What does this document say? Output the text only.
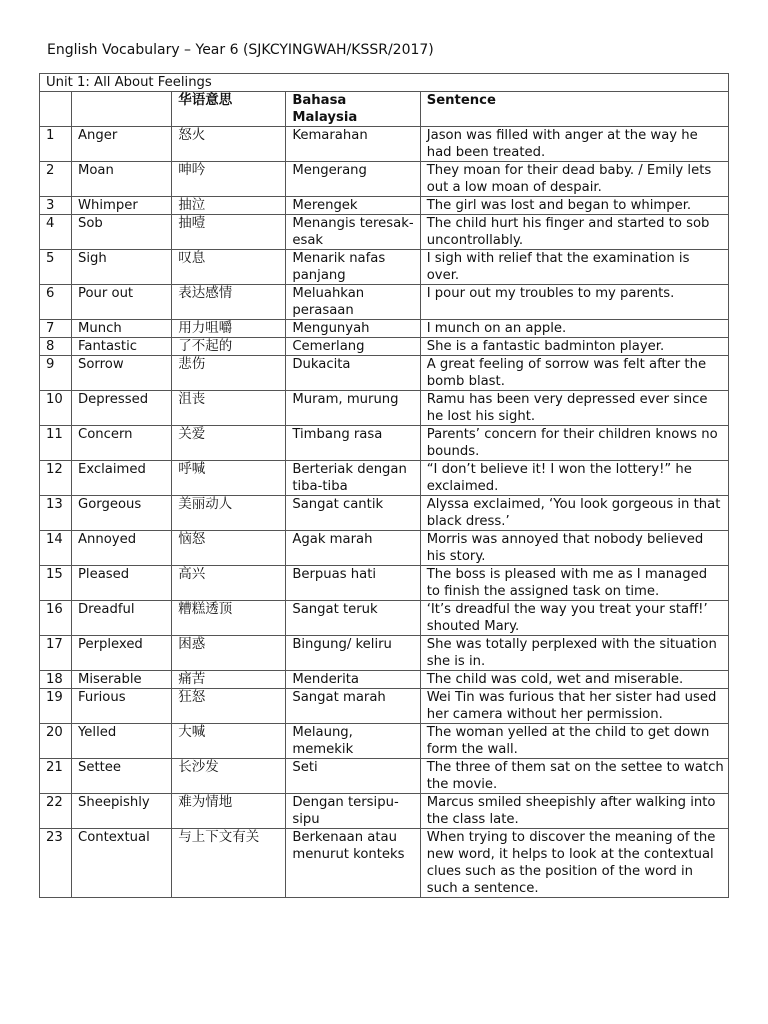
English Vocabulary – Year 6 (SJKCYINGWAH/KSSR/2017)
Unit 1: All About Feelings				
		华语意思	Bahasa Malaysia	Sentence
1	Anger	怒火	Kemarahan	Jason was filled with anger at the way he had been treated.
2	Moan	呻吟	Mengerang	They moan for their dead baby. / Emily lets out a low moan of despair.
3	Whimper	抽泣	Merengek	The girl was lost and began to whimper.
4	Sob	抽噎	Menangis teresak-esak	The child hurt his finger and started to sob uncontrollably.
5	Sigh	叹息	Menarik nafas panjang	I sigh with relief that the examination is over.
6	Pour out	表达感情	Meluahkan perasaan	I pour out my troubles to my parents.
7	Munch	用力咀嚼	Mengunyah	I munch on an apple.
8	Fantastic	了不起的	Cemerlang	She is a fantastic badminton player.
9	Sorrow	悲伤	Dukacita	A great feeling of sorrow was felt after the bomb blast.
10	Depressed	沮丧	Muram, murung	Ramu has been very depressed ever since he lost his sight.
11	Concern	关爱	Timbang rasa	Parents’ concern for their children knows no bounds.
12	Exclaimed	呼喊	Berteriak dengan tiba-tiba	“I don’t believe it! I won the lottery!” he exclaimed.
13	Gorgeous	美丽动人	Sangat cantik	Alyssa exclaimed, ‘You look gorgeous in that black dress.’
14	Annoyed	恼怒	Agak marah	Morris was annoyed that nobody believed his story.
15	Pleased	高兴	Berpuas hati	The boss is pleased with me as I managed to finish the assigned task on time.
16	Dreadful	糟糕透顶	Sangat teruk	‘It’s dreadful the way you treat your staff!’ shouted Mary.
17	Perplexed	困惑	Bingung/ keliru	She was totally perplexed with the situation she is in.
18	Miserable	痛苦	Menderita	The child was cold, wet and miserable.
19	Furious	狂怒	Sangat marah	Wei Tin was furious that her sister had used her camera without her permission.
20	Yelled	大喊	Melaung, memekik	The woman yelled at the child to get down form the wall.
21	Settee	长沙发	Seti	The three of them sat on the settee to watch the movie.
22	Sheepishly	难为情地	Dengan tersipu-sipu	Marcus smiled sheepishly after walking into the class late.
23	Contextual	与上下文有关	Berkenaan atau menurut konteks	When trying to discover the meaning of the new word, it helps to look at the contextual clues such as the position of the word in such a sentence.
